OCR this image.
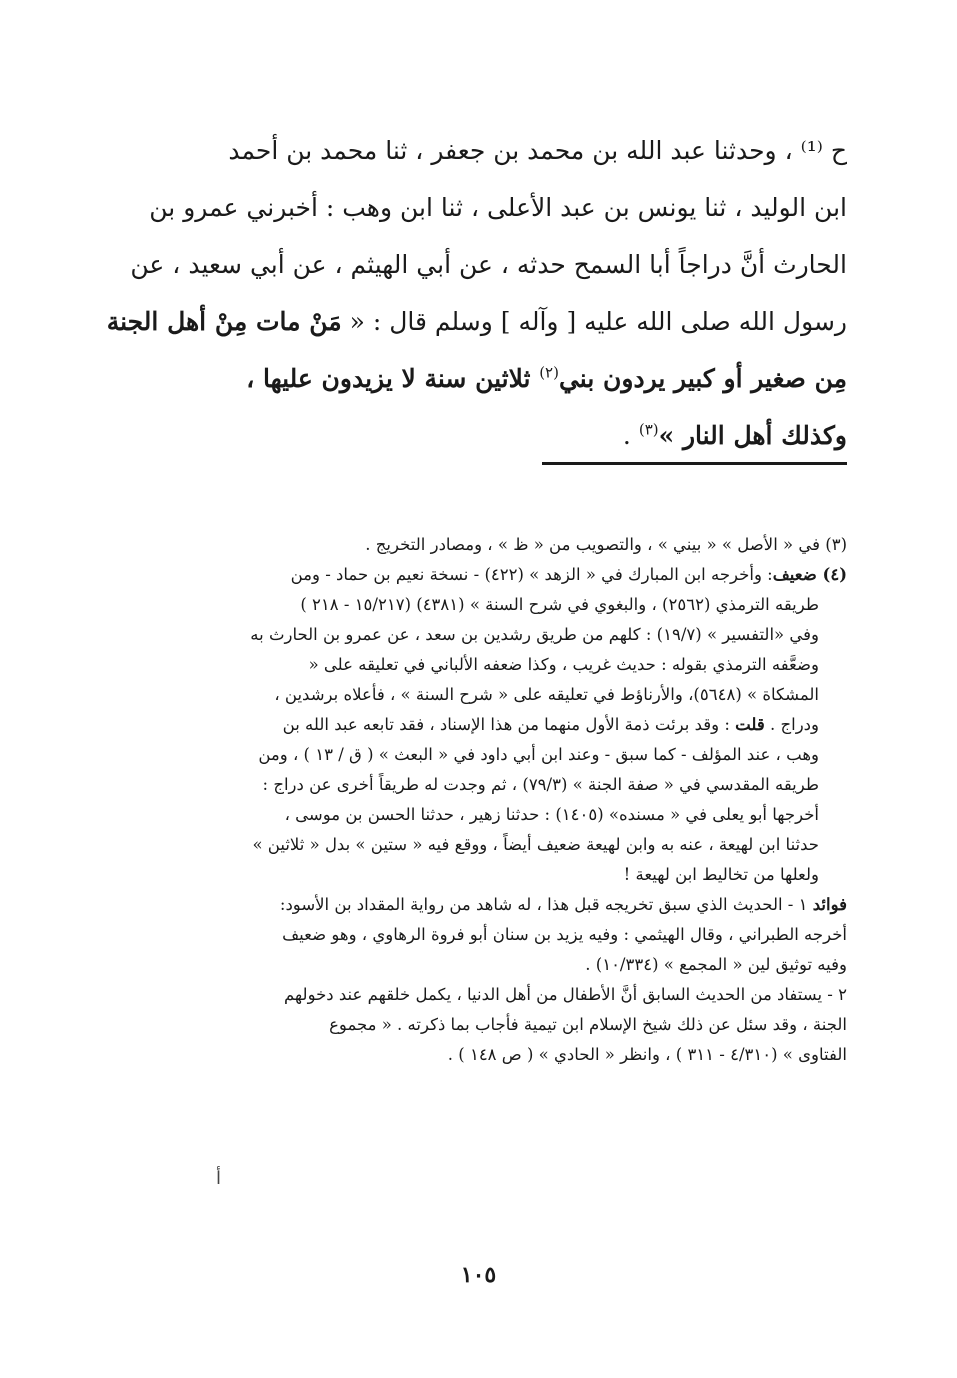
ح ⁽¹⁾ ، وحدثنا عبد الله بن محمد بن جعفر ، ثنا محمد بن أحمد

ابن الوليد ، ثنا يونس بن عبد الأعلى ، ثنا ابن وهب : أخبرني عمرو بن

الحارث أنَّ دراجاً أبا السمح حدثه ، عن أبي الهيثم ، عن أبي سعيد ، عن

رسول الله صلى الله عليه [ وآله ] وسلم قال : « مَنْ مات مِنْ أهل الجنة

مِن صغير أو كبير يردون بني$^{(٢)}$ ثلاثين سنة لا يزيدون عليها ،

وكذلك أهل النار »$^{(٣)}$ .

(٣) في « الأصل » « بيني » ، والتصويب من « ظ » ، ومصادر التخريج .

(٤) ضعيف: وأخرجه ابن المبارك في « الزهد » (٤٢٢) - نسخة نعيم بن حماد - ومن

طريقه الترمذي (٢٥٦٢) ، والبغوي في شرح السنة » (٤٣٨١) (١٥/٢١٧ - ٢١٨ )

وفي «التفسير » (١٩/٧) : كلهم من طريق رشدين بن سعد ، عن عمرو بن الحارث به

وضعَّفه الترمذي بقوله : حديث غريب ، وكذا ضعفه الألباني في تعليقه على «

المشكاة » (٥٦٤٨)، والأرناؤط في تعليقه على « شرح السنة » ، فأعلاه برشدين ،

ودراج . قلت : وقد برئت ذمة الأول منهما من هذا الإسناد ، فقد تابعه عبد الله بن

وهب ، عند المؤلف - كما سبق - وعند ابن أبي داود في « البعث » ( ق / ١٣ ) ، ومن

طريقه المقدسي في « صفة الجنة » (٧٩/٣) ، ثم وجدت له طريقاً أخرى عن دراج :

أخرجها أبو يعلى في « مسنده» (١٤٠٥) : حدثنا زهير ، حدثنا الحسن بن موسى ،

حدثنا ابن لهيعة ، عنه به وابن لهيعة ضعيف أيضاً ، ووقع فيه « ستين » بدل « ثلاثين »

ولعلها من تخاليط ابن لهيعة !

فوائد ١ - الحديث الذي سبق تخريجه قبل هذا ، له شاهد من رواية المقداد بن الأسود:

أخرجه الطبراني ، وقال الهيثمي : وفيه يزيد بن سنان أبو فروة الرهاوي ، وهو ضعيف

وفيه توثيق لين « المجمع » (١٠/٣٣٤) .

٢ - يستفاد من الحديث السابق أنَّ الأطفال من أهل الدنيا ، يكمل خلقهم عند دخولهم

الجنة ، وقد سئل عن ذلك شيخ الإسلام ابن تيمية فأجاب بما ذكرته . « مجموع

الفتاوى » (٤/٣١٠ - ٣١١ ) ، وانظر « الحادي » ( ص ١٤٨ ) .

أ
١٠٥
